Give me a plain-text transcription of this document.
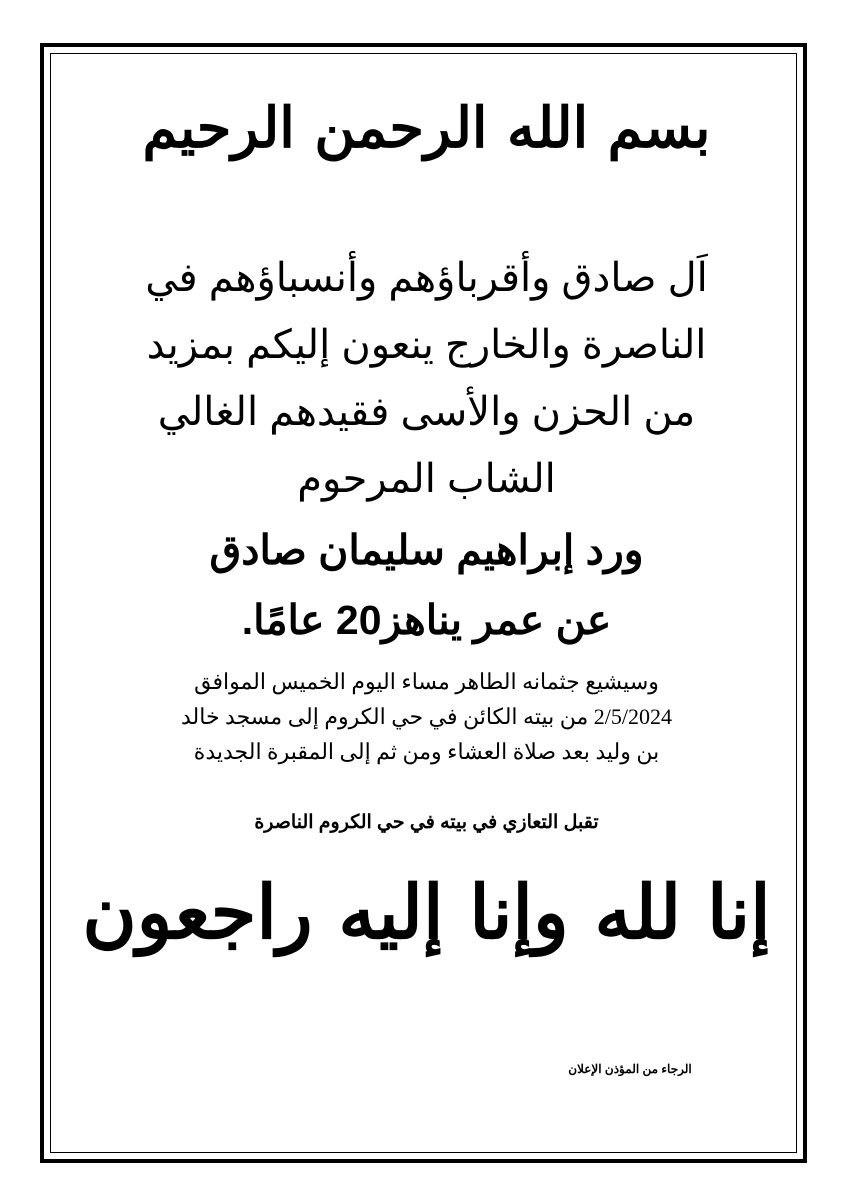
بسم الله الرحمن الرحيم
اَل صادق وأقرباؤهم وأنسباؤهم في
الناصرة والخارج ينعون إليكم بمزيد
من الحزن والأسى فقيدهم الغالي
الشاب المرحوم
ورد إبراهيم سليمان صادق
عن عمر يناهز20 عامًا.
وسيشيع جثمانه الطاهر مساء اليوم الخميس الموافق
2/5/2024 من بيته الكائن في حي الكروم إلى مسجد خالد
بن وليد بعد صلاة العشاء ومن ثم إلى المقبرة الجديدة
تقبل التعازي في بيته في حي الكروم الناصرة
إنا لله وإنا إليه راجعون
الرجاء من المؤذن الإعلان
